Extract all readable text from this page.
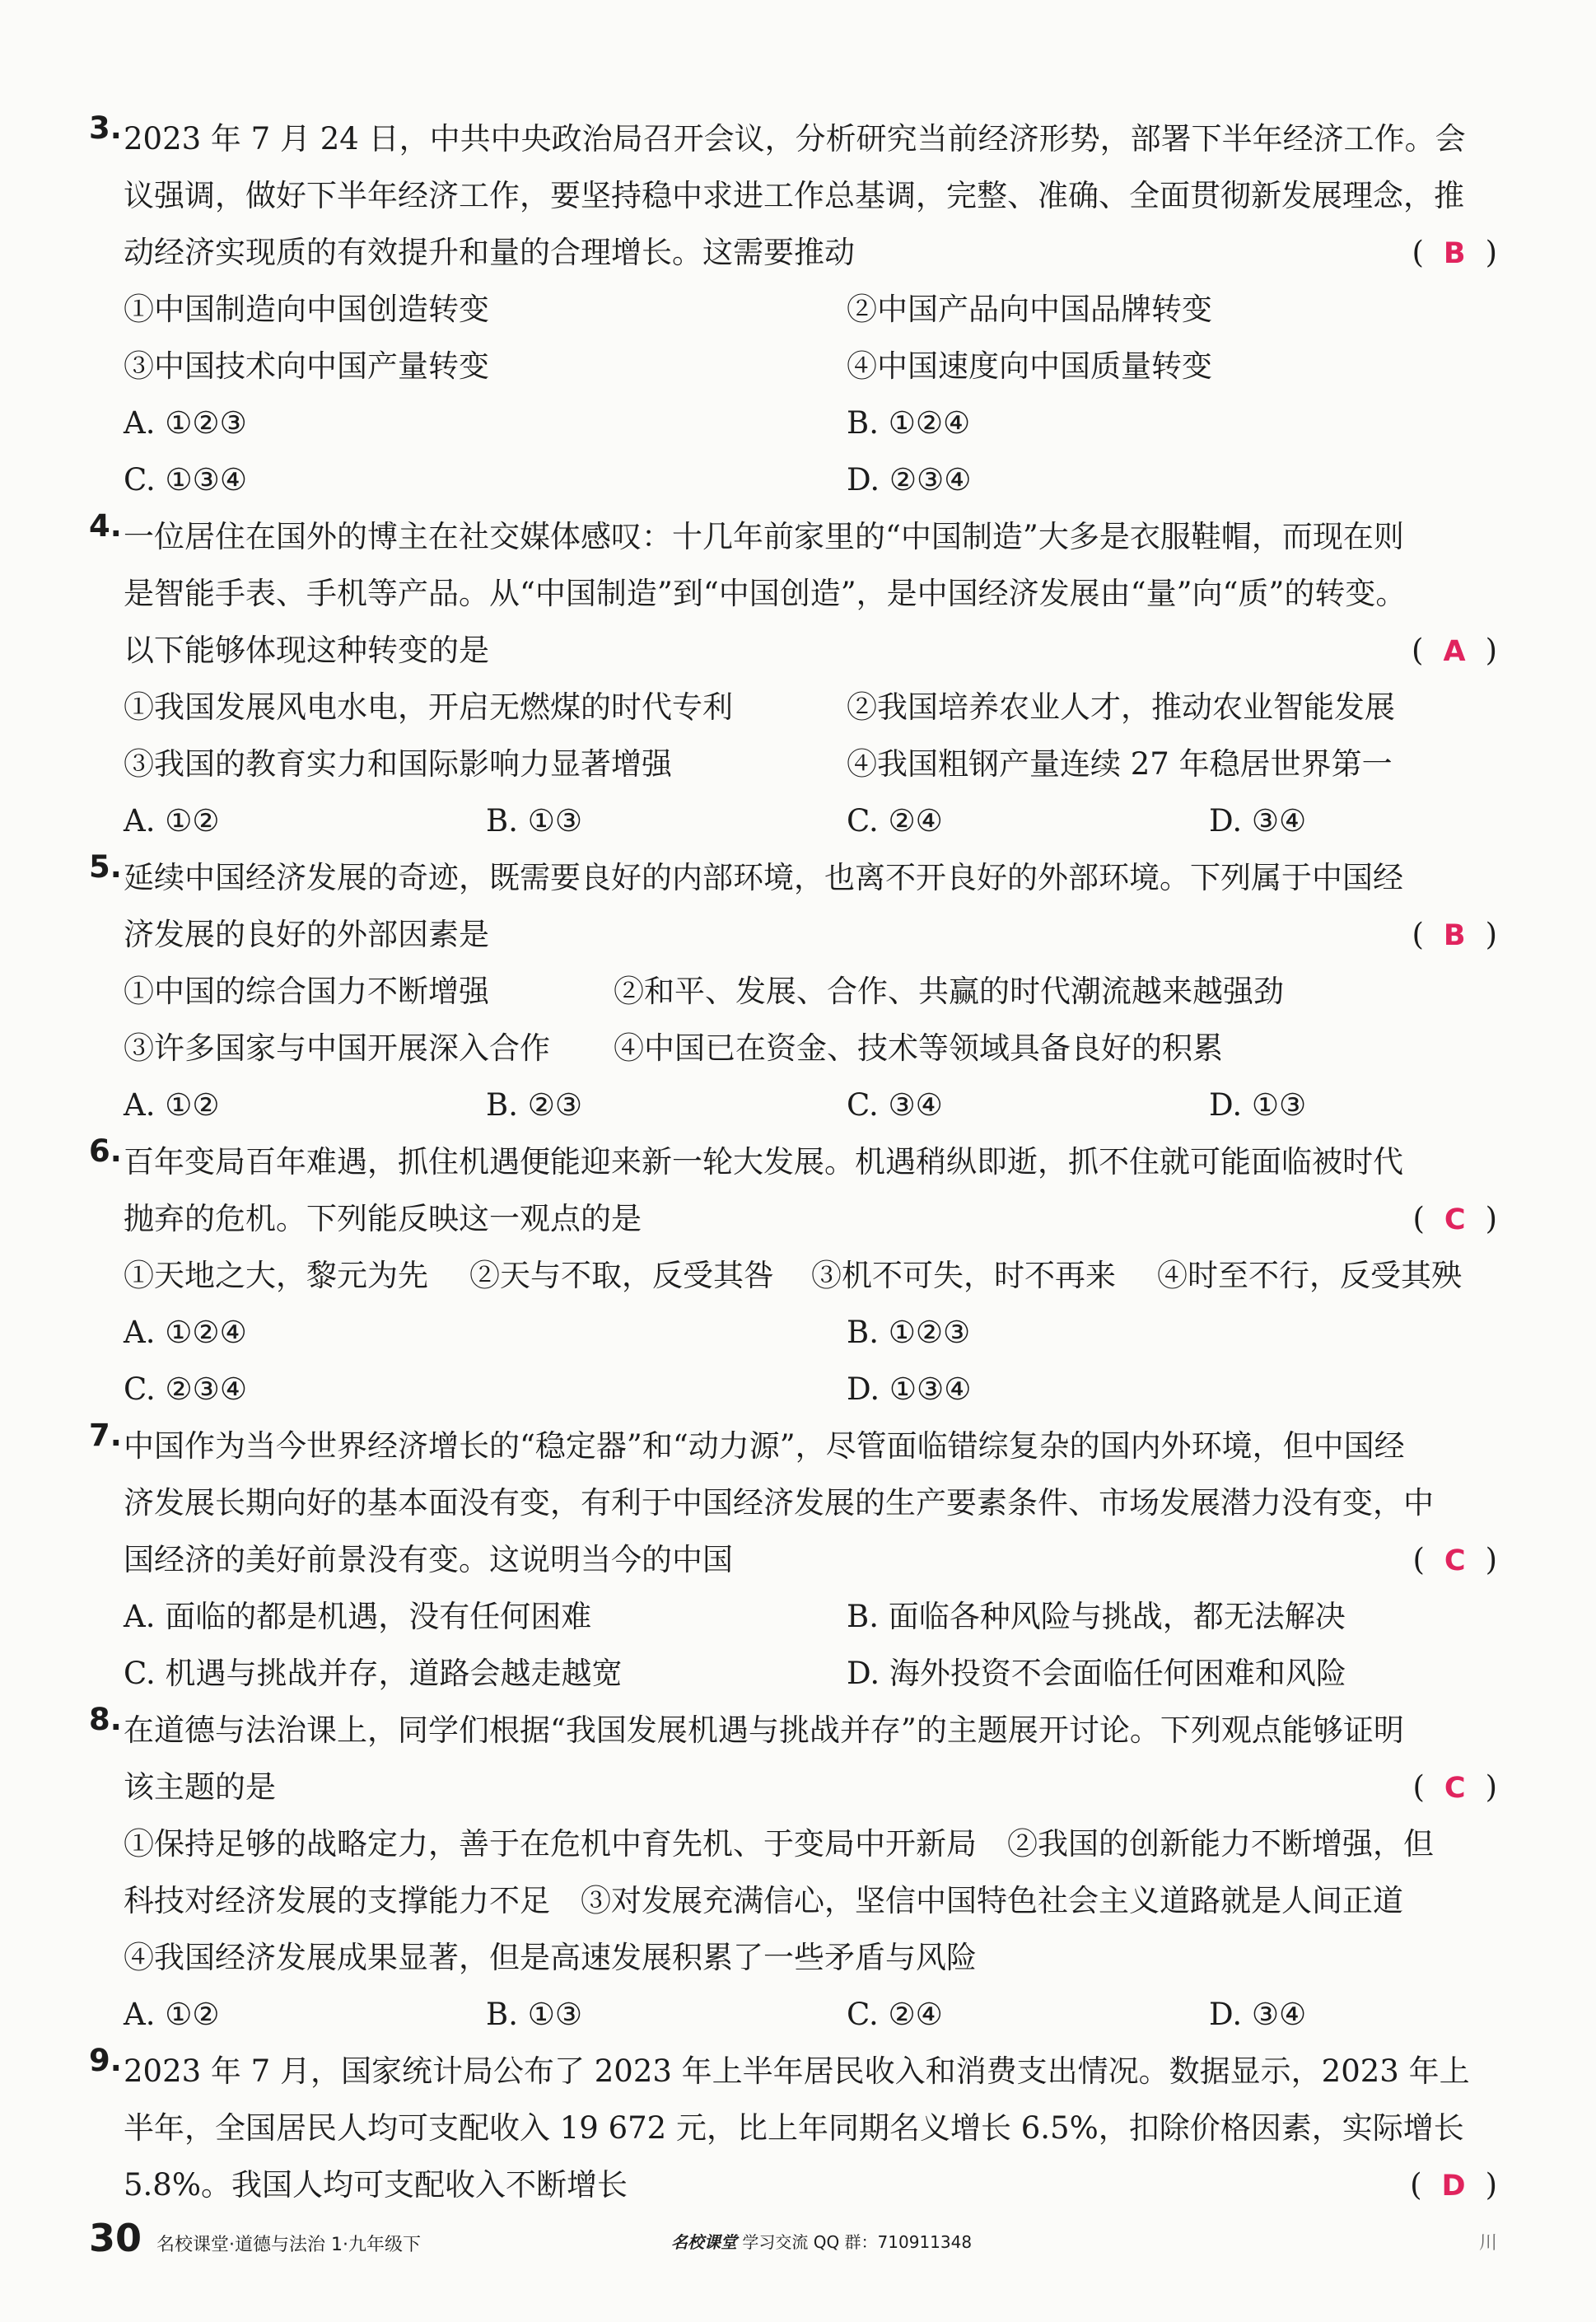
3. 2023 年 7 月 24 日，中共中央政治局召开会议，分析研究当前经济形势，部署下半年经济工作。会
议强调，做好下半年经济工作，要坚持稳中求进工作总基调，完整、准确、全面贯彻新发展理念，推
动经济实现质的有效提升和量的合理增长。这需要推动	( B )
①中国制造向中国创造转变	②中国产品向中国品牌转变
③中国技术向中国产量转变	④中国速度向中国质量转变
A. ①②③	B. ①②④
C. ①③④	D. ②③④
4. 一位居住在国外的博主在社交媒体感叹：十几年前家里的“中国制造”大多是衣服鞋帽，而现在则
是智能手表、手机等产品。从“中国制造”到“中国创造”，是中国经济发展由“量”向“质”的转变。
以下能够体现这种转变的是	( A )
①我国发展风电水电，开启无燃煤的时代专利	②我国培养农业人才，推动农业智能发展
③我国的教育实力和国际影响力显著增强	④我国粗钢产量连续 27 年稳居世界第一
A. ①②	B. ①③	C. ②④	D. ③④
5. 延续中国经济发展的奇迹，既需要良好的内部环境，也离不开良好的外部环境。下列属于中国经
济发展的良好的外部因素是	( B )
①中国的综合国力不断增强	②和平、发展、合作、共赢的时代潮流越来越强劲
③许多国家与中国开展深入合作 ④中国已在资金、技术等领域具备良好的积累
A. ①②	B. ②③	C. ③④	D. ①③
6. 百年变局百年难遇，抓住机遇便能迎来新一轮大发展。机遇稍纵即逝，抓不住就可能面临被时代
抛弃的危机。下列能反映这一观点的是	( C )
①天地之大，黎元为先 ②天与不取，反受其咎 ③机不可失，时不再来 ④时至不行，反受其殃
A. ①②④	B. ①②③
C. ②③④	D. ①③④
7. 中国作为当今世界经济增长的“稳定器”和“动力源”，尽管面临错综复杂的国内外环境，但中国经
济发展长期向好的基本面没有变，有利于中国经济发展的生产要素条件、市场发展潜力没有变，中
国经济的美好前景没有变。这说明当今的中国	( C )
A. 面临的都是机遇，没有任何困难	B. 面临各种风险与挑战，都无法解决
C. 机遇与挑战并存，道路会越走越宽	D. 海外投资不会面临任何困难和风险
8. 在道德与法治课上，同学们根据“我国发展机遇与挑战并存”的主题展开讨论。下列观点能够证明
该主题的是	( C )
①保持足够的战略定力，善于在危机中育先机、于变局中开新局　②我国的创新能力不断增强，但
科技对经济发展的支撑能力不足　③对发展充满信心，坚信中国特色社会主义道路就是人间正道
④我国经济发展成果显著，但是高速发展积累了一些矛盾与风险
A. ①②	B. ①③	C. ②④	D. ③④
9. 2023 年 7 月，国家统计局公布了 2023 年上半年居民收入和消费支出情况。数据显示，2023 年上
半年，全国居民人均可支配收入 19 672 元，比上年同期名义增长 6.5%，扣除价格因素，实际增长
5.8%。我国人均可支配收入不断增长	( D )
30 名校课堂·道德与法治 1·九年级下	名校课堂 学习交流 QQ 群：710911348	川
